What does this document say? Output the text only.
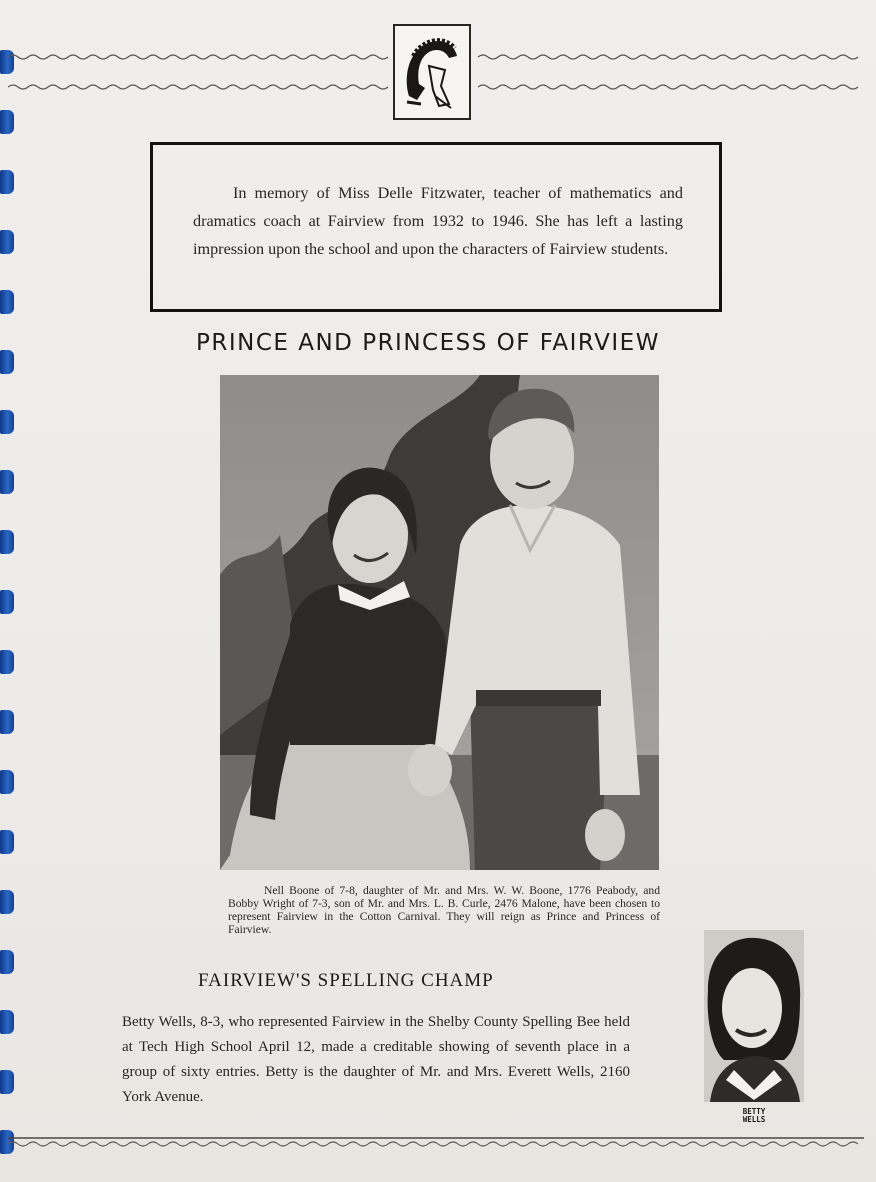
In memory of Miss Delle Fitzwater, teacher of mathematics and dramatics coach at Fairview from 1932 to 1946. She has left a lasting impression upon the school and upon the characters of Fairview students.

PRINCE AND PRINCESS OF FAIRVIEW
Nell Boone of 7-8, daughter of Mr. and Mrs. W. W. Boone, 1776 Peabody, and Bobby Wright of 7-3, son of Mr. and Mrs. L. B. Curle, 2476 Malone, have been chosen to represent Fairview in the Cotton Carnival. They will reign as Prince and Princess of Fairview.
FAIRVIEW'S SPELLING CHAMP
Betty Wells, 8-3, who represented Fairview in the Shelby County Spelling Bee held at Tech High School April 12, made a creditable showing of seventh place in a group of sixty entries. Betty is the daughter of Mr. and Mrs. Everett Wells, 2160 York Avenue.
BETTY
WELLS
